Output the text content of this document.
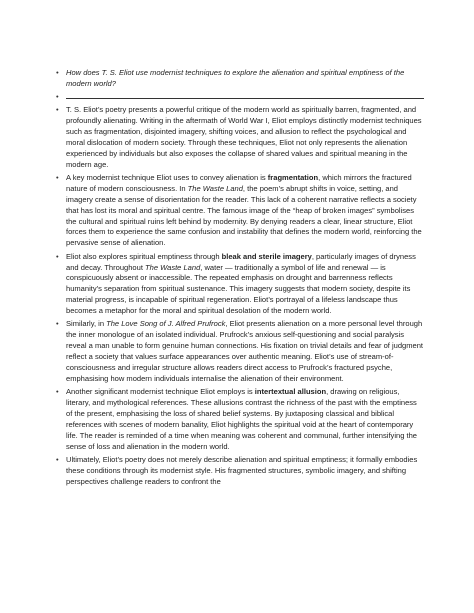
• How does T. S. Eliot use modernist techniques to explore the alienation and spiritual emptiness of the modern world?
•
• T. S. Eliot’s poetry presents a powerful critique of the modern world as spiritually barren, fragmented, and profoundly alienating. Writing in the aftermath of World War I, Eliot employs distinctly modernist techniques such as fragmentation, disjointed imagery, shifting voices, and allusion to reflect the psychological and moral dislocation of modern society. Through these techniques, Eliot not only represents the alienation experienced by individuals but also exposes the collapse of shared values and spiritual meaning in the modern age.
• A key modernist technique Eliot uses to convey alienation is fragmentation, which mirrors the fractured nature of modern consciousness. In The Waste Land, the poem’s abrupt shifts in voice, setting, and imagery create a sense of disorientation for the reader. This lack of a coherent narrative reflects a society that has lost its moral and spiritual centre. The famous image of the “heap of broken images” symbolises the cultural and spiritual ruins left behind by modernity. By denying readers a clear, linear structure, Eliot forces them to experience the same confusion and instability that defines the modern world, reinforcing the pervasive sense of alienation.
• Eliot also explores spiritual emptiness through bleak and sterile imagery, particularly images of dryness and decay. Throughout The Waste Land, water — traditionally a symbol of life and renewal — is conspicuously absent or inaccessible. The repeated emphasis on drought and barrenness reflects humanity’s separation from spiritual sustenance. This imagery suggests that modern society, despite its material progress, is incapable of spiritual regeneration. Eliot’s portrayal of a lifeless landscape thus becomes a metaphor for the moral and spiritual desolation of the modern world.
• Similarly, in The Love Song of J. Alfred Prufrock, Eliot presents alienation on a more personal level through the inner monologue of an isolated individual. Prufrock’s anxious self-questioning and social paralysis reveal a man unable to form genuine human connections. His fixation on trivial details and fear of judgment reflect a society that values surface appearances over authentic meaning. Eliot’s use of stream-of-consciousness and irregular structure allows readers direct access to Prufrock’s fractured psyche, emphasising how modern individuals internalise the alienation of their environment.
• Another significant modernist technique Eliot employs is intertextual allusion, drawing on religious, literary, and mythological references. These allusions contrast the richness of the past with the emptiness of the present, emphasising the loss of shared belief systems. By juxtaposing classical and biblical references with scenes of modern banality, Eliot highlights the spiritual void at the heart of contemporary life. The reader is reminded of a time when meaning was coherent and communal, further intensifying the sense of loss and alienation in the modern world.
• Ultimately, Eliot’s poetry does not merely describe alienation and spiritual emptiness; it formally embodies these conditions through its modernist style. His fragmented structures, symbolic imagery, and shifting perspectives challenge readers to confront the
